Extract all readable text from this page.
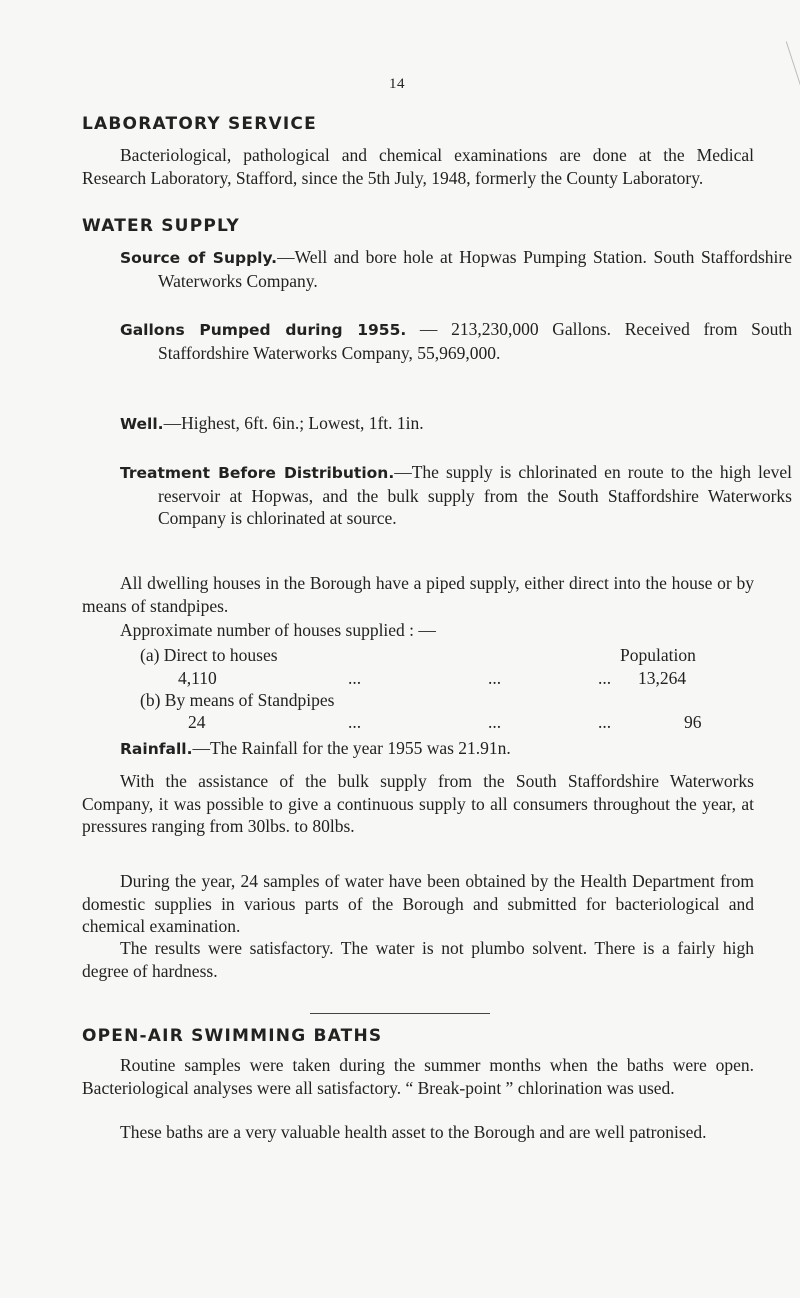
14
LABORATORY SERVICE
Bacteriological, pathological and chemical examinations are done at the Medical Research Laboratory, Stafford, since the 5th July, 1948, formerly the County Laboratory.
WATER SUPPLY
Source of Supply.—Well and bore hole at Hopwas Pumping Station. South Staffordshire Waterworks Company.
Gallons Pumped during 1955. — 213,230,000 Gallons. Received from South Staffordshire Waterworks Company, 55,969,000.
Well.—Highest, 6ft. 6in.; Lowest, 1ft. 1in.
Treatment Before Distribution.—The supply is chlorinated en route to the high level reservoir at Hopwas, and the bulk supply from the South Staffordshire Waterworks Company is chlorinated at source.
All dwelling houses in the Borough have a piped supply, either direct into the house or by means of standpipes.
Approximate number of houses supplied : —
(a) Direct to houses	Population
4,110	...	...	... 13,264
(b) By means of Standpipes
24	...	...	...	96
Rainfall.—The Rainfall for the year 1955 was 21.91n.
With the assistance of the bulk supply from the South Staffordshire Waterworks Company, it was possible to give a continuous supply to all consumers throughout the year, at pressures ranging from 30lbs. to 80lbs.
During the year, 24 samples of water have been obtained by the Health Department from domestic supplies in various parts of the Borough and submitted for bacteriological and chemical examination.
The results were satisfactory. The water is not plumbo solvent. There is a fairly high degree of hardness.
OPEN-AIR SWIMMING BATHS
Routine samples were taken during the summer months when the baths were open. Bacteriological analyses were all satisfactory. “ Break-point ” chlorination was used.
These baths are a very valuable health asset to the Borough and are well patronised.
